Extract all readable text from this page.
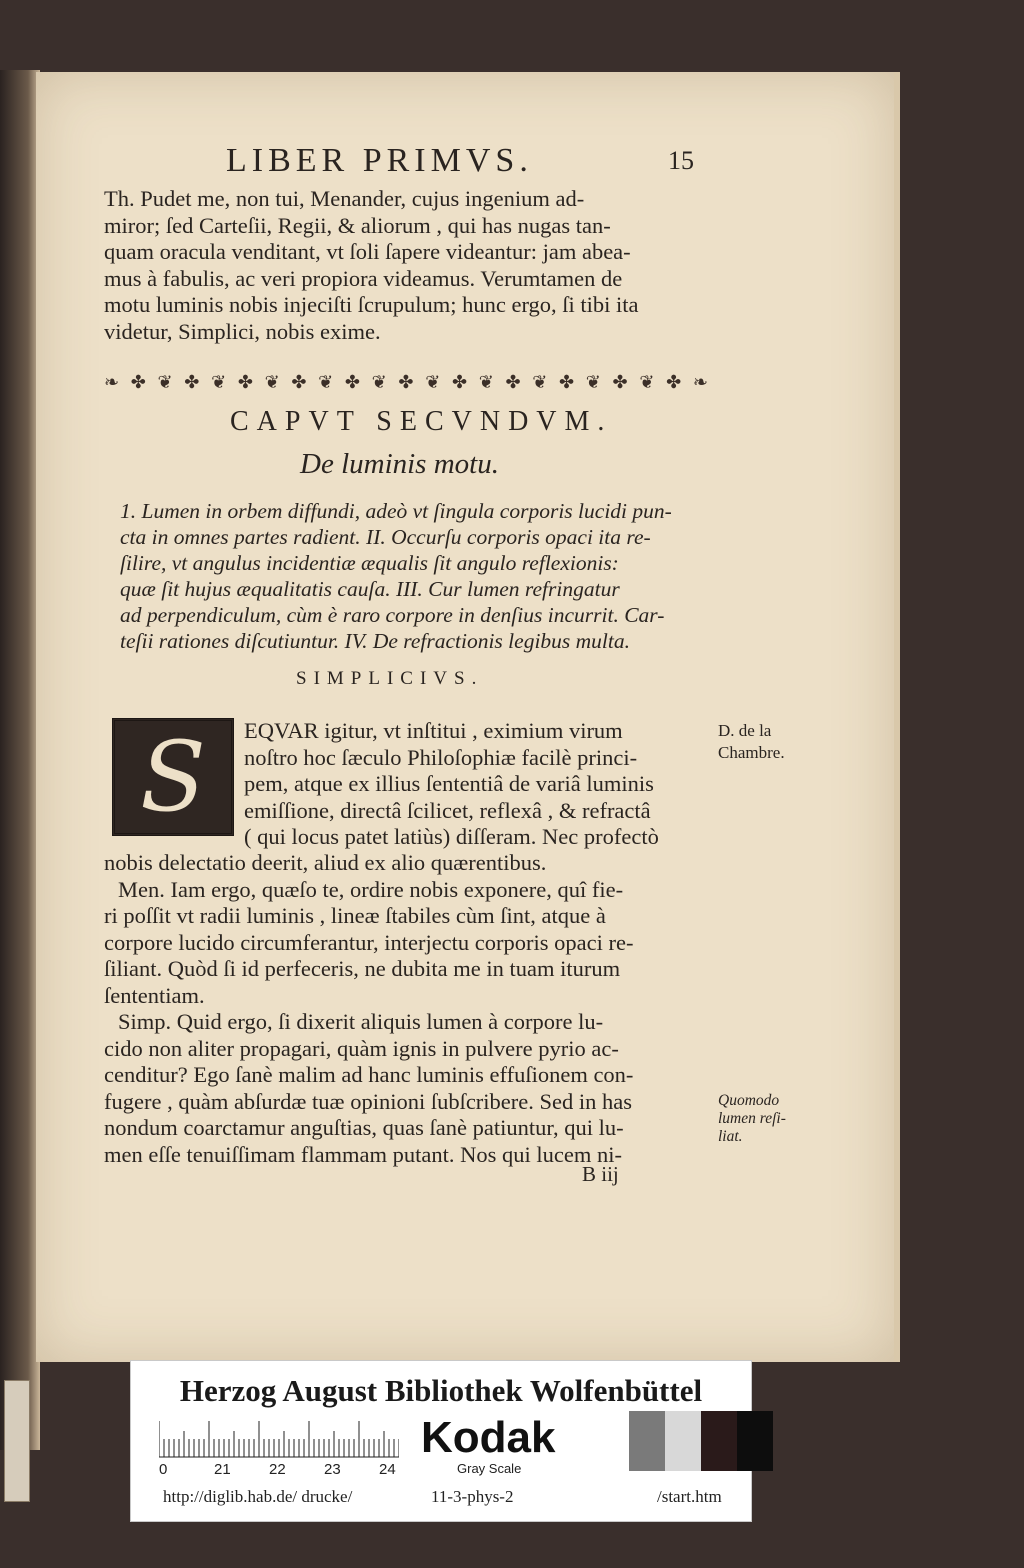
LIBER PRIMVS.	15
Th. Pudet me, non tui, Menander, cujus ingenium ad-
miror; ſed Carteſii, Regii, & aliorum , qui has nugas tan-
quam oracula venditant, vt ſoli ſapere videantur: jam abea-
mus à fabulis, ac veri propiora videamus. Verumtamen de
motu luminis nobis injeciſti ſcrupulum; hunc ergo, ſi tibi ita
videtur, Simplici, nobis exime.
❧ ✤ ❦ ✤ ❦ ✤ ❦ ✤ ❦ ✤ ❦ ✤ ❦ ✤ ❦ ✤ ❦ ✤ ❦ ✤ ❦ ✤ ❧
CAPVT SECVNDVM.
De luminis motu.
1. Lumen in orbem diffundi, adeò vt ſingula corporis lucidi pun-
cta in omnes partes radient. II. Occurſu corporis opaci ita re-
ſilire, vt angulus incidentiæ æqualis ſit angulo reflexionis:
quæ ſit hujus æqualitatis cauſa. III. Cur lumen refringatur
ad perpendiculum, cùm è raro corpore in denſius incurrit. Car-
teſii rationes diſcutiuntur. IV. De refractionis legibus multa.
SIMPLICIVS.
S EQVAR igitur, vt inſtitui , eximium virum
noſtro hoc ſæculo Philoſophiæ facilè princi-
pem, atque ex illius ſententiâ de variâ luminis
emiſſione, directâ ſcilicet, reflexâ , & refractâ
( qui locus patet latiùs) diſſeram. Nec profectò
nobis delectatio deerit, aliud ex alio quærentibus.
Men. Iam ergo, quæſo te, ordire nobis exponere, quî fie-
ri poſſit vt radii luminis , lineæ ſtabiles cùm ſint, atque à
corpore lucido circumferantur, interjectu corporis opaci re-
ſiliant. Quòd ſi id perfeceris, ne dubita me in tuam iturum
ſententiam.
Simp. Quid ergo, ſi dixerit aliquis lumen à corpore lu-
cido non aliter propagari, quàm ignis in pulvere pyrio ac-
cenditur? Ego ſanè malim ad hanc luminis effuſionem con-
fugere , quàm abſurdæ tuæ opinioni ſubſcribere. Sed in has
nondum coarctamur anguſtias, quas ſanè patiuntur, qui lu-
men eſſe tenuiſſimam flammam putant. Nos qui lucem ni-
D. de la
Chambre.
Quomodo
lumen reſi-
liat.
B iij
Herzog August Bibliothek Wolfenbüttel
0	21	22	23	24
Kodak
Gray Scale
http://diglib.hab.de/ drucke/	11-3-phys-2	/start.htm
